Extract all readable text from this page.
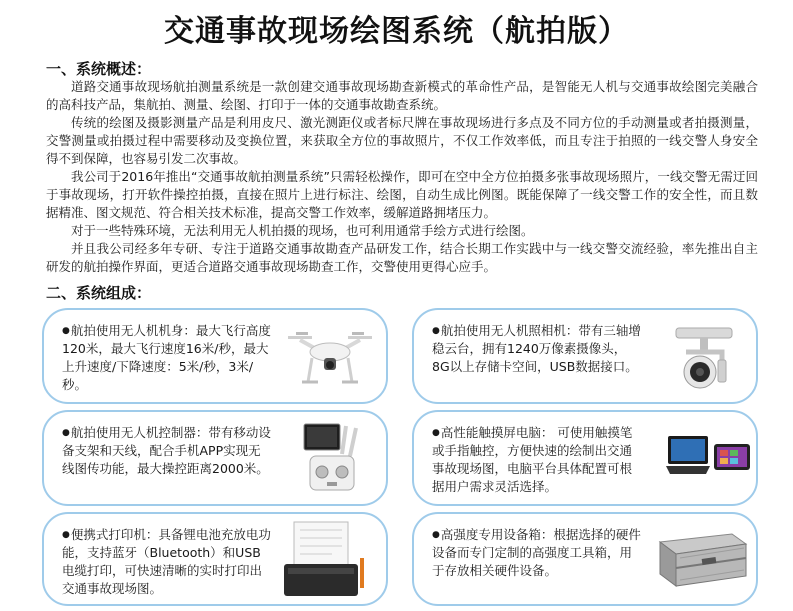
交通事故现场绘图系统（航拍版）
一、系统概述：
道路交通事故现场航拍测量系统是一款创建交通事故现场勘查新模式的革命性产品，是智能无人机与交通事故绘图完美融合的高科技产品，集航拍、测量、绘图、打印于一体的交通事故勘查系统。
传统的绘图及摄影测量产品是利用皮尺、激光测距仪或者标尺牌在事故现场进行多点及不同方位的手动测量或者拍摄测量，交警测量或拍摄过程中需要移动及变换位置，来获取全方位的事故照片，不仅工作效率低，而且专注于拍照的一线交警人身安全得不到保障，也容易引发二次事故。
我公司于2016年推出“交通事故航拍测量系统”只需轻松操作，即可在空中全方位拍摄多张事故现场照片，一线交警无需迂回于事故现场，打开软件操控拍摄，直接在照片上进行标注、绘图，自动生成比例图。既能保障了一线交警工作的安全性，而且数据精准、图文规范、符合相关技术标准，提高交警工作效率，缓解道路拥堵压力。
对于一些特殊环境，无法利用无人机拍摄的现场，也可利用通常手绘方式进行绘图。
并且我公司经多年专研、专注于道路交通事故勘查产品研发工作，结合长期工作实践中与一线交警交流经验，率先推出自主研发的航拍操作界面，更适合道路交通事故现场勘查工作，交警使用更得心应手。
二、系统组成：
● 航拍使用无人机机身：最大飞行高度120米，最大飞行速度16米/秒，最大上升速度/下降速度：5米/秒，3米/秒。
● 航拍使用无人机照相机：带有三轴增稳云台，拥有1240万像素摄像头，8G以上存储卡空间，USB数据接口。
● 航拍使用无人机控制器：带有移动设备支架和天线，配合手机APP实现无线图传功能，最大操控距离2000米。
● 高性能触摸屏电脑： 可使用触摸笔或手指触控，方便快速的绘制出交通事故现场图，电脑平台具体配置可根据用户需求灵活选择。
● 便携式打印机：具备锂电池充放电功能，支持蓝牙（Bluetooth）和USB电缆打印，可快速清晰的实时打印出交通事故现场图。
● 高强度专用设备箱：根据选择的硬件设备而专门定制的高强度工具箱，用于存放相关硬件设备。
